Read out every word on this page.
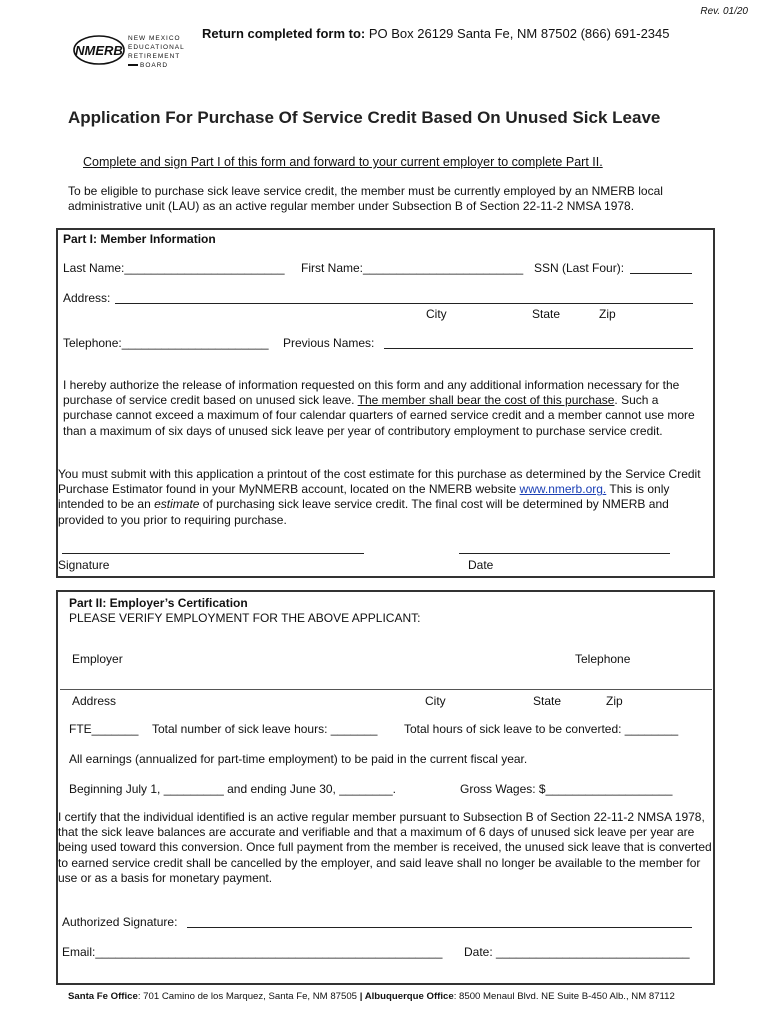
Rev. 01/20
NMERB
NEW MEXICO
EDUCATIONAL
RETIREMENT
BOARD
Return completed form to: PO Box 26129 Santa Fe, NM 87502 (866) 691-2345
Application For Purchase Of Service Credit Based On Unused Sick Leave
Complete and sign Part I of this form and forward to your current employer to complete Part II.
To be eligible to purchase sick leave service credit, the member must be currently employed by an NMERB local administrative unit (LAU) as an active regular member under Subsection B of Section 22-11-2 NMSA 1978.
Part I: Member Information
Last Name:________________________ First Name:________________________ SSN (Last Four):
Address:
City	State	Zip
Telephone:______________________ Previous Names:
I hereby authorize the release of information requested on this form and any additional information necessary for the purchase of service credit based on unused sick leave. The member shall bear the cost of this purchase. Such a purchase cannot exceed a maximum of four calendar quarters of earned service credit and a member cannot use more than a maximum of six days of unused sick leave per year of contributory employment to purchase service credit.
You must submit with this application a printout of the cost estimate for this purchase as determined by the Service Credit Purchase Estimator found in your MyNMERB account, located on the NMERB website www.nmerb.org. This is only intended to be an estimate of purchasing sick leave service credit. The final cost will be determined by NMERB and provided to you prior to requiring purchase.
Signature	Date
Part II: Employer’s Certification
PLEASE VERIFY EMPLOYMENT FOR THE ABOVE APPLICANT:
Employer	Telephone
Address	City	State	Zip
FTE_______ Total number of sick leave hours: _______ Total hours of sick leave to be converted: ________
All earnings (annualized for part-time employment) to be paid in the current fiscal year.
Beginning July 1, _________ and ending June 30, ________.	Gross Wages: $___________________
I certify that the individual identified is an active regular member pursuant to Subsection B of Section 22-11-2 NMSA 1978, that the sick leave balances are accurate and verifiable and that a maximum of 6 days of unused sick leave per year are being used toward this conversion. Once full payment from the member is received, the unused sick leave that is converted to earned service credit shall be cancelled by the employer, and said leave shall no longer be available to the member for use or as a basis for monetary payment.
Authorized Signature:
Email:____________________________________________________ Date: _____________________________
Santa Fe Office: 701 Camino de los Marquez, Santa Fe, NM 87505 | Albuquerque Office: 8500 Menaul Blvd. NE Suite B-450 Alb., NM 87112
